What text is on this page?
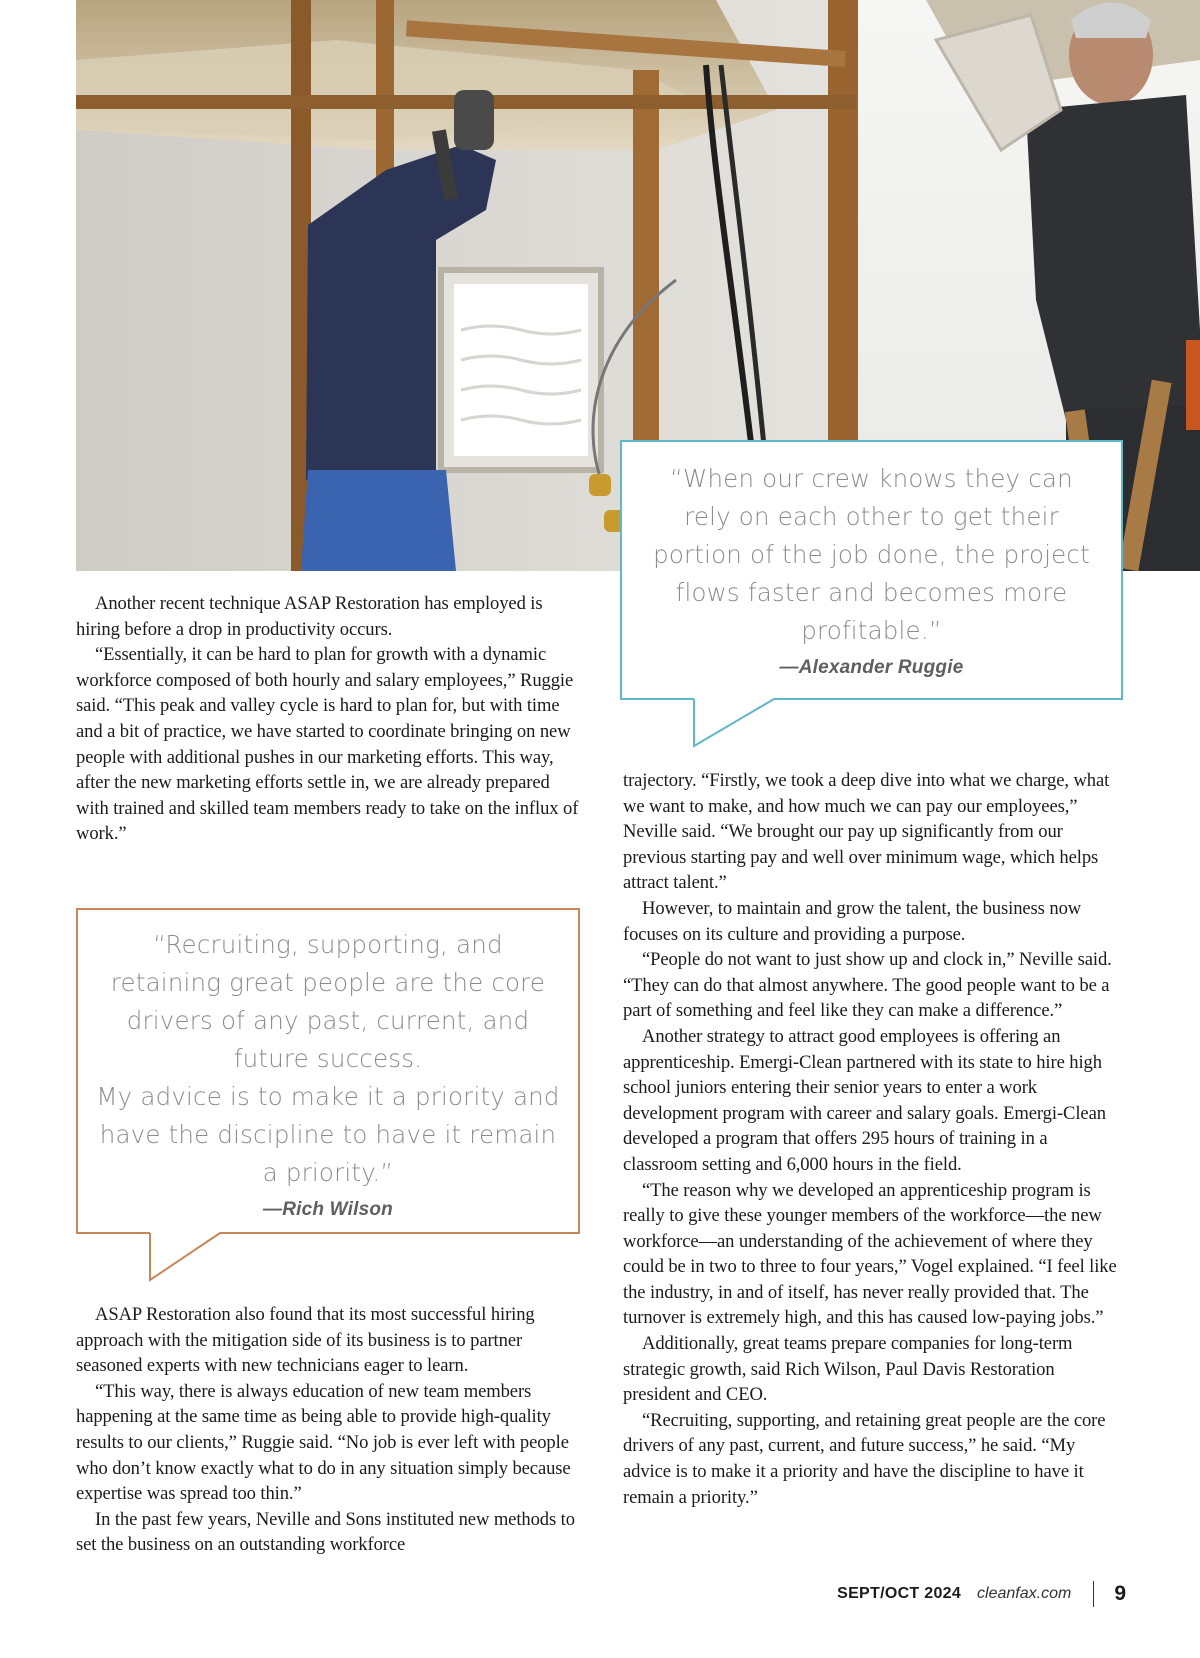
Another recent technique ASAP Restoration has employed is hiring before a drop in productivity occurs.

“Essentially, it can be hard to plan for growth with a dynamic workforce composed of both hourly and salary employees,” Ruggie said. “This peak and valley cycle is hard to plan for, but with time and a bit of practice, we have started to coordinate bringing on new people with additional pushes in our marketing efforts. This way, after the new marketing efforts settle in, we are already prepared with trained and skilled team members ready to take on the influx of work.”

“Recruiting, supporting, and retaining great people are the core drivers of any past, current, and future success.

My advice is to make it a priority and have the discipline to have it remain a priority.”

—Rich Wilson

ASAP Restoration also found that its most successful hiring approach with the mitigation side of its business is to partner seasoned experts with new technicians eager to learn.

“This way, there is always education of new team members happening at the same time as being able to provide high-quality results to our clients,” Ruggie said. “No job is ever left with people who don’t know exactly what to do in any situation simply because expertise was spread too thin.”

In the past few years, Neville and Sons instituted new methods to set the business on an outstanding workforce

“When our crew knows they can rely on each other to get their portion of the job done, the project flows faster and becomes more profitable.”

—Alexander Ruggie

trajectory. “Firstly, we took a deep dive into what we charge, what we want to make, and how much we can pay our employees,” Neville said. “We brought our pay up significantly from our previous starting pay and well over minimum wage, which helps attract talent.”

However, to maintain and grow the talent, the business now focuses on its culture and providing a purpose.

“People do not want to just show up and clock in,” Neville said. “They can do that almost anywhere. The good people want to be a part of something and feel like they can make a difference.”

Another strategy to attract good employees is offering an apprenticeship. Emergi-Clean partnered with its state to hire high school juniors entering their senior years to enter a work development program with career and salary goals. Emergi-Clean developed a program that offers 295 hours of training in a classroom setting and 6,000 hours in the field.

“The reason why we developed an apprenticeship program is really to give these younger members of the workforce—the new workforce—an understanding of the achievement of where they could be in two to three to four years,” Vogel explained. “I feel like the industry, in and of itself, has never really provided that. The turnover is extremely high, and this has caused low-paying jobs.”

Additionally, great teams prepare companies for long-term strategic growth, said Rich Wilson, Paul Davis Restoration president and CEO.

“Recruiting, supporting, and retaining great people are the core drivers of any past, current, and future success,” he said. “My advice is to make it a priority and have the discipline to have it remain a priority.”

SEPT/OCT 2024 cleanfax.com 9
